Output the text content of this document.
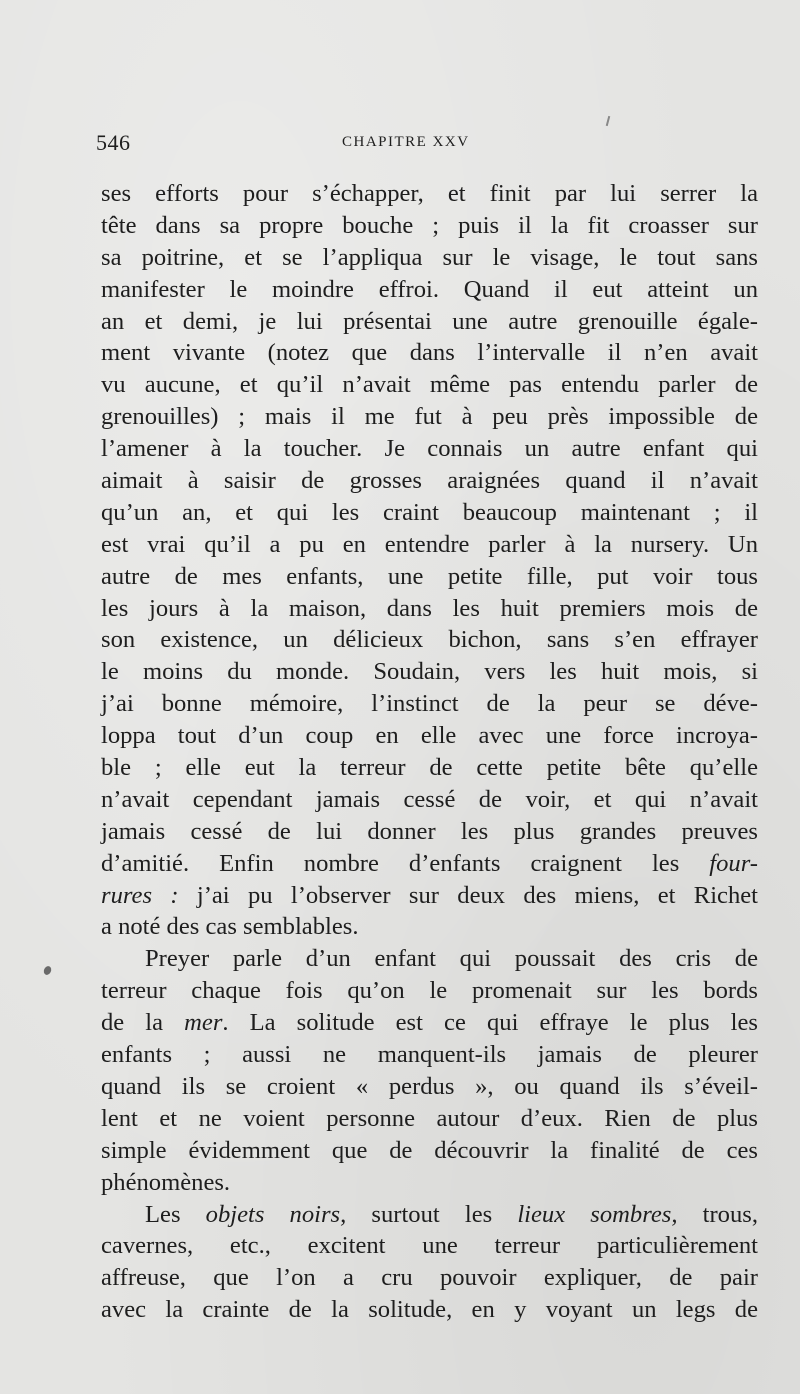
546	CHAPITRE XXV
ses efforts pour s’échapper, et finit par lui serrer la
tête dans sa propre bouche ; puis il la fit croasser sur
sa poitrine, et se l’appliqua sur le visage, le tout sans
manifester le moindre effroi. Quand il eut atteint un
an et demi, je lui présentai une autre grenouille égale-
ment vivante (notez que dans l’intervalle il n’en avait
vu aucune, et qu’il n’avait même pas entendu parler de
grenouilles) ; mais il me fut à peu près impossible de
l’amener à la toucher. Je connais un autre enfant qui
aimait à saisir de grosses araignées quand il n’avait
qu’un an, et qui les craint beaucoup maintenant ; il
est vrai qu’il a pu en entendre parler à la nursery. Un
autre de mes enfants, une petite fille, put voir tous
les jours à la maison, dans les huit premiers mois de
son existence, un délicieux bichon, sans s’en effrayer
le moins du monde. Soudain, vers les huit mois, si
j’ai bonne mémoire, l’instinct de la peur se déve-
loppa tout d’un coup en elle avec une force incroya-
ble ; elle eut la terreur de cette petite bête qu’elle
n’avait cependant jamais cessé de voir, et qui n’avait
jamais cessé de lui donner les plus grandes preuves
d’amitié. Enfin nombre d’enfants craignent les four-
rures : j’ai pu l’observer sur deux des miens, et Richet
a noté des cas semblables.
Preyer parle d’un enfant qui poussait des cris de
terreur chaque fois qu’on le promenait sur les bords
de la mer. La solitude est ce qui effraye le plus les
enfants ; aussi ne manquent-ils jamais de pleurer
quand ils se croient « perdus », ou quand ils s’éveil-
lent et ne voient personne autour d’eux. Rien de plus
simple évidemment que de découvrir la finalité de ces
phénomènes.
Les objets noirs, surtout les lieux sombres, trous,
cavernes, etc., excitent une terreur particulièrement
affreuse, que l’on a cru pouvoir expliquer, de pair
avec la crainte de la solitude, en y voyant un legs de
